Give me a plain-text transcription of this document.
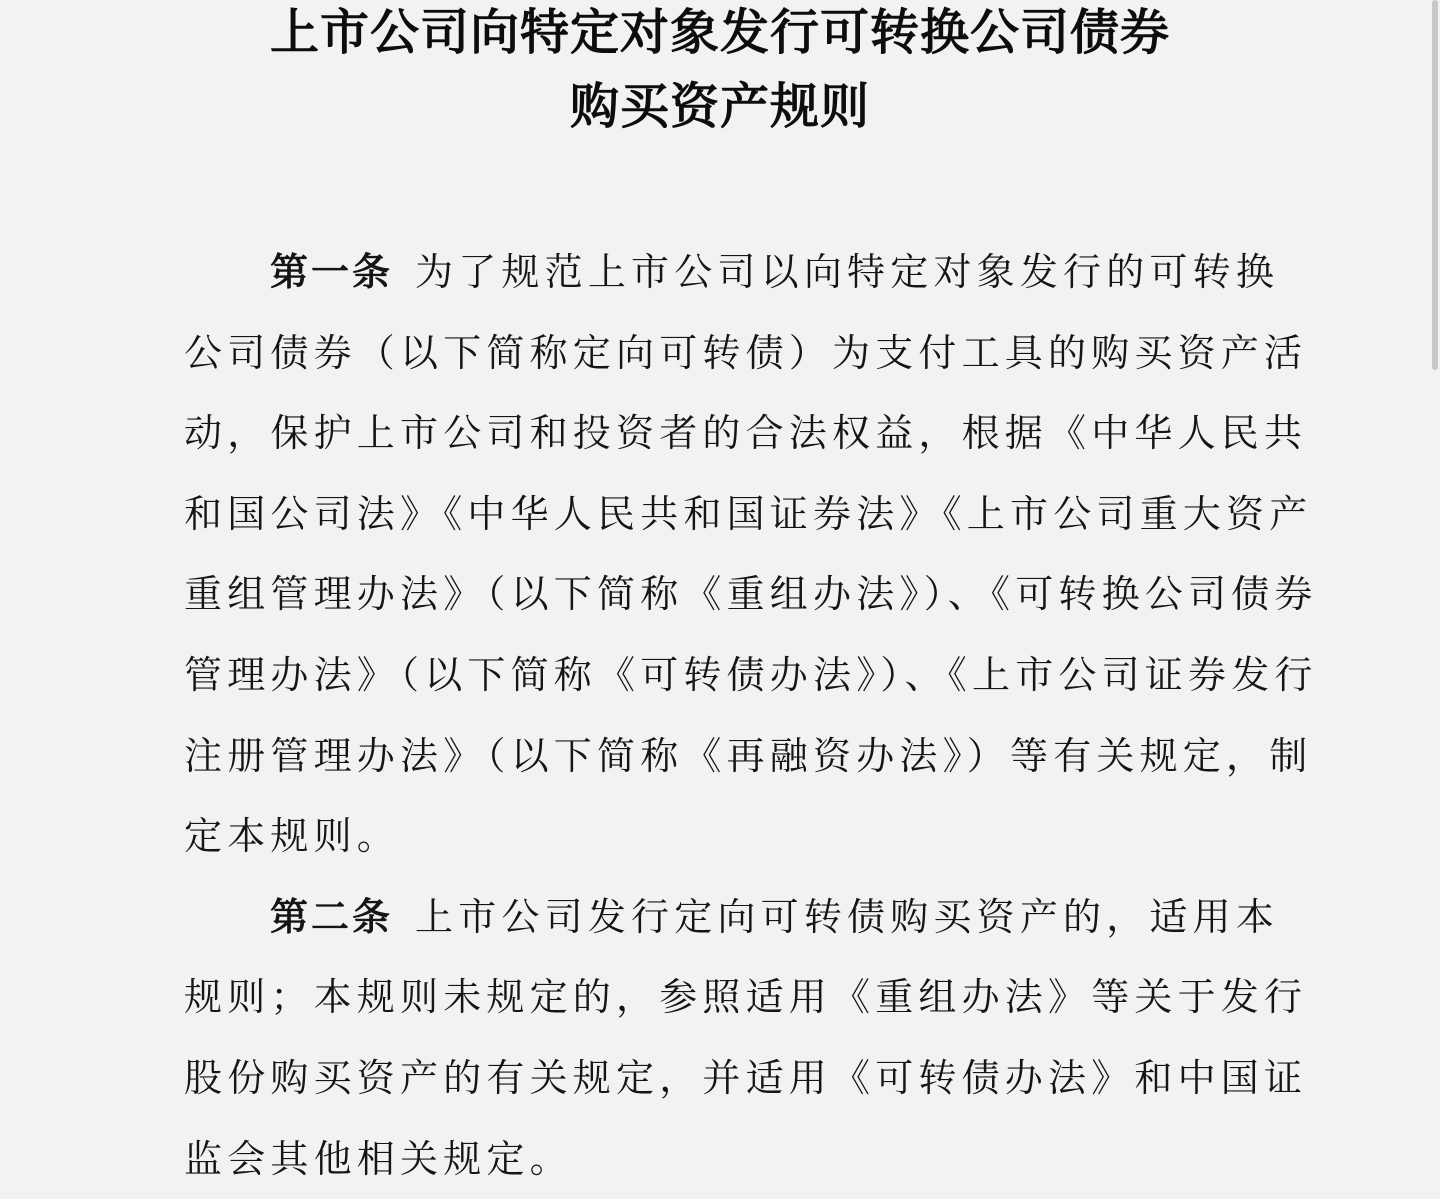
上市公司向特定对象发行可转换公司债券
购买资产规则
第一条 为了规范上市公司以向特定对象发行的可转换
公司债券（以下简称定向可转债）为支付工具的购买资产活
动，保护上市公司和投资者的合法权益，根据《中华人民共
和国公司法》《中华人民共和国证券法》《上市公司重大资产
重组管理办法》（以下简称《重组办法》）、《可转换公司债券
管理办法》（以下简称《可转债办法》）、《上市公司证券发行
注册管理办法》（以下简称《再融资办法》）等有关规定，制
定本规则。
第二条 上市公司发行定向可转债购买资产的，适用本
规则；本规则未规定的，参照适用《重组办法》等关于发行
股份购买资产的有关规定，并适用《可转债办法》和中国证
监会其他相关规定。
